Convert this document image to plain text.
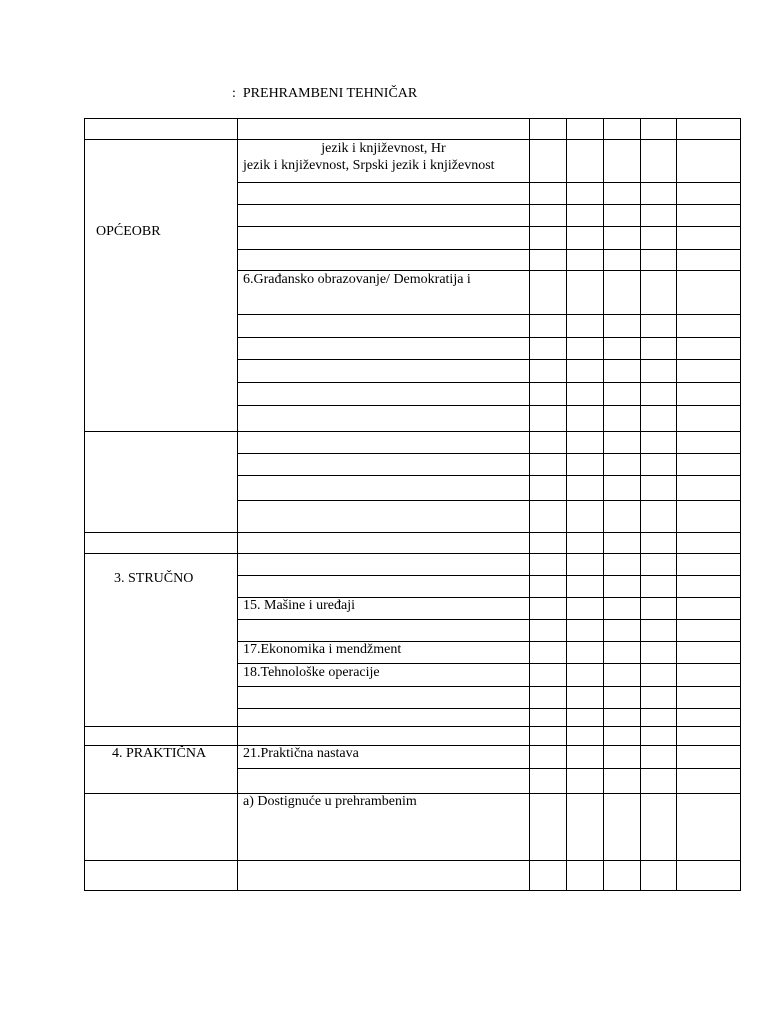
: PREHRAMBENI TEHNIČAR
OPĆEOBR
3. STRUČNO
4. PRAKTIČNA
jezik i književnost, Hr
jezik i književnost, Srpski jezik i književnost
6.Građansko obrazovanje/ Demokratija i
15. Mašine i uređaji
17.Ekonomika i mendžment
18.Tehnološke operacije
21.Praktična nastava
a) Dostignuće u prehrambenim
